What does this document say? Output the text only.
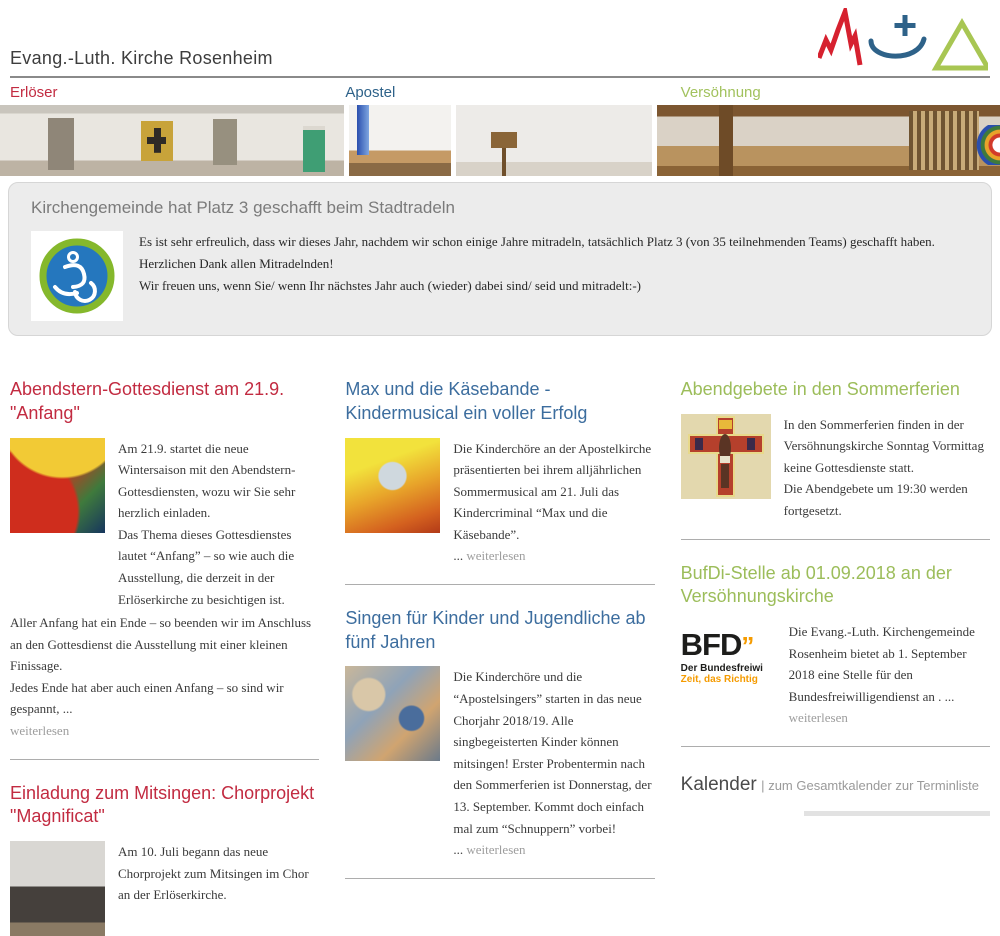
Evang.-Luth. Kirche Rosenheim
Erlöser	Apostel	Versöhnung
Kirchengemeinde hat Platz 3 geschafft beim Stadtradeln

Es ist sehr erfreulich, dass wir dieses Jahr, nachdem wir schon einige Jahre mitradeln, tatsächlich Platz 3 (von 35 teilnehmenden Teams) geschafft haben. Herzlichen Dank allen Mitradelnden!

Wir freuen uns, wenn Sie/ wenn Ihr nächstes Jahr auch (wieder) dabei sind/ seid und mitradelt:-)

Abendstern-Gottesdienst am 21.9. "Anfang"

Am 21.9. startet die neue Wintersaison mit den Abendstern-Gottesdiensten, wozu wir Sie sehr herzlich einladen.

Das Thema dieses Gottesdienstes lautet “Anfang” – so wie auch die Ausstellung, die derzeit in der Erlöserkirche zu besichtigen ist.

Aller Anfang hat ein Ende – so beenden wir im Anschluss an den Gottesdienst die Ausstellung mit einer kleinen Finissage.

Jedes Ende hat aber auch einen Anfang – so sind wir gespannt, ...

weiterlesen

Einladung zum Mitsingen: Chorprojekt "Magnificat"

Am 10. Juli begann das neue Chorprojekt zum Mitsingen im Chor an der Erlöserkirche.

Max und die Käsebande - Kindermusical ein voller Erfolg

Die Kinderchöre an der Apostelkirche präsentierten bei ihrem alljährlichen Sommermusical am 21. Juli das Kindercriminal “Max und die Käsebande”.

... weiterlesen

Singen für Kinder und Jugendliche ab fünf Jahren

Die Kinderchöre und die “Apostelsingers” starten in das neue Chorjahr 2018/19. Alle singbegeisterten Kinder können mitsingen! Erster Probentermin nach den Sommerferien ist Donnerstag, der 13. September. Kommt doch einfach mal zum “Schnuppern” vorbei!

... weiterlesen

Abendgebete in den Sommerferien

In den Sommerferien finden in der Versöhnungskirche Sonntag Vormittag keine Gottesdienste statt.

Die Abendgebete um 19:30 werden fortgesetzt.

BufDi-Stelle ab 01.09.2018 an der Versöhnungskirche
BFD”
Der Bundesfreiwi
Zeit, das Richtig

Die Evang.-Luth. Kirchengemeinde Rosenheim bietet ab 1. September 2018 eine Stelle für den Bundesfreiwilligendienst an . ... weiterlesen

Kalender | zum Gesamtkalender zur Terminliste
